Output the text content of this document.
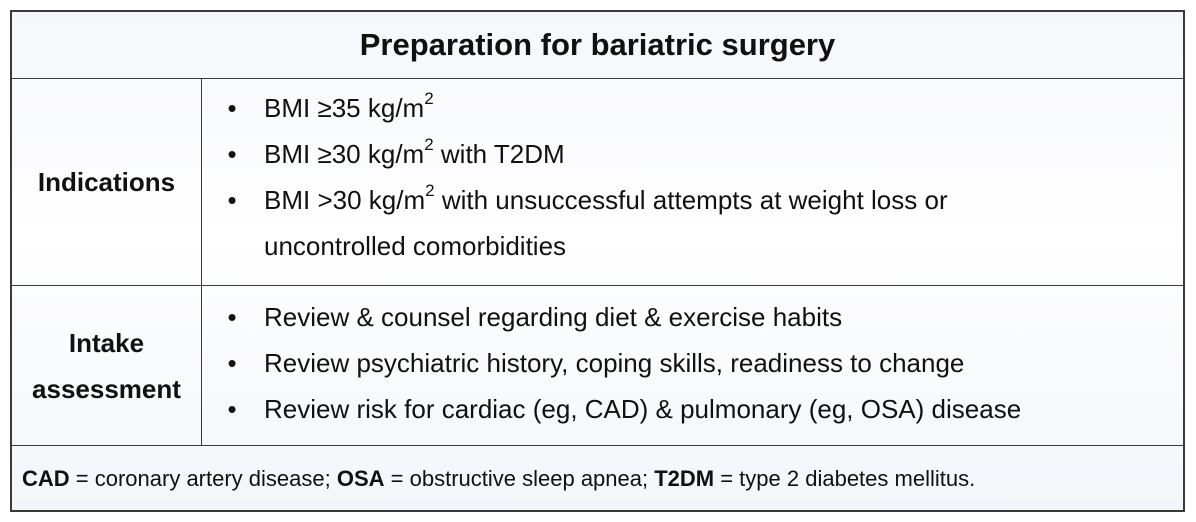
Preparation for bariatric surgery
Indications
• BMI ≥35 $kg/m^2$
• BMI ≥30 $kg/m^2$ with T2DM
• BMI >30 $kg/m^2$ with unsuccessful attempts at weight loss or uncontrolled comorbidities
Intake
assessment
• Review & counsel regarding diet & exercise habits
• Review psychiatric history, coping skills, readiness to change
• Review risk for cardiac (eg, CAD) & pulmonary (eg, OSA) disease
CAD = coronary artery disease; OSA = obstructive sleep apnea; T2DM = type 2 diabetes mellitus.
